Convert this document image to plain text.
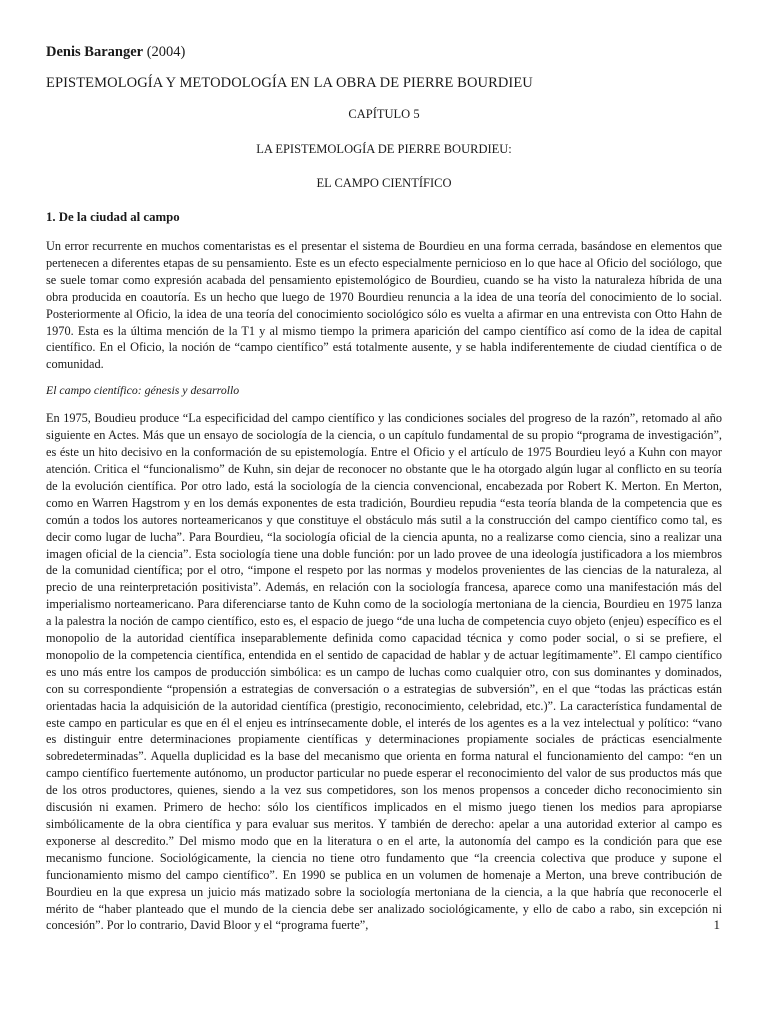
Denis Baranger (2004)
EPISTEMOLOGÍA Y METODOLOGÍA EN LA OBRA DE PIERRE BOURDIEU
CAPÍTULO 5
LA EPISTEMOLOGÍA DE PIERRE BOURDIEU:
EL CAMPO CIENTÍFICO
1. De la ciudad al campo

Un error recurrente en muchos comentaristas es el presentar el sistema de Bourdieu en una forma cerrada, basándose en elementos que pertenecen a diferentes etapas de su pensamiento. Este es un efecto especialmente pernicioso en lo que hace al Oficio del sociólogo, que se suele tomar como expresión acabada del pensamiento epistemológico de Bourdieu, cuando se ha visto la naturaleza híbrida de una obra producida en coautoría. Es un hecho que luego de 1970 Bourdieu renuncia a la idea de una teoría del conocimiento de lo social. Posteriormente al Oficio, la idea de una teoría del conocimiento sociológico sólo es vuelta a afirmar en una entrevista con Otto Hahn de 1970. Esta es la última mención de la T1 y al mismo tiempo la primera aparición del campo científico así como de la idea de capital científico. En el Oficio, la noción de “campo científico” está totalmente ausente, y se habla indiferentemente de ciudad científica o de comunidad.

El campo científico: génesis y desarrollo

En 1975, Boudieu produce “La especificidad del campo científico y las condiciones sociales del progreso de la razón”, retomado al año siguiente en Actes. Más que un ensayo de sociología de la ciencia, o un capítulo fundamental de su propio “programa de investigación”, es éste un hito decisivo en la conformación de su epistemología. Entre el Oficio y el artículo de 1975 Bourdieu leyó a Kuhn con mayor atención. Critica el “funcionalismo” de Kuhn, sin dejar de reconocer no obstante que le ha otorgado algún lugar al conflicto en su teoría de la evolución científica. Por otro lado, está la sociología de la ciencia convencional, encabezada por Robert K. Merton. En Merton, como en Warren Hagstrom y en los demás exponentes de esta tradición, Bourdieu repudia “esta teoría blanda de la competencia que es común a todos los autores norteamericanos y que constituye el obstáculo más sutil a la construcción del campo científico como tal, es decir como lugar de lucha”. Para Bourdieu, “la sociología oficial de la ciencia apunta, no a realizarse como ciencia, sino a realizar una imagen oficial de la ciencia”. Esta sociología tiene una doble función: por un lado provee de una ideología justificadora a los miembros de la comunidad científica; por el otro, “impone el respeto por las normas y modelos provenientes de las ciencias de la naturaleza, al precio de una reinterpretación positivista”. Además, en relación con la sociología francesa, aparece como una manifestación más del imperialismo norteamericano. Para diferenciarse tanto de Kuhn como de la sociología mertoniana de la ciencia, Bourdieu en 1975 lanza a la palestra la noción de campo científico, esto es, el espacio de juego “de una lucha de competencia cuyo objeto (enjeu) específico es el monopolio de la autoridad científica inseparablemente definida como capacidad técnica y como poder social, o si se prefiere, el monopolio de la competencia científica, entendida en el sentido de capacidad de hablar y de actuar legítimamente”. El campo científico es uno más entre los campos de producción simbólica: es un campo de luchas como cualquier otro, con sus dominantes y dominados, con su correspondiente “propensión a estrategias de conversación o a estrategias de subversión”, en el que “todas las prácticas están orientadas hacia la adquisición de la autoridad científica (prestigio, reconocimiento, celebridad, etc.)”. La característica fundamental de este campo en particular es que en él el enjeu es intrínsecamente doble, el interés de los agentes es a la vez intelectual y político: “vano es distinguir entre determinaciones propiamente científicas y determinaciones propiamente sociales de prácticas esencialmente sobredeterminadas”. Aquella duplicidad es la base del mecanismo que orienta en forma natural el funcionamiento del campo: “en un campo científico fuertemente autónomo, un productor particular no puede esperar el reconocimiento del valor de sus productos más que de los otros productores, quienes, siendo a la vez sus competidores, son los menos propensos a conceder dicho reconocimiento sin discusión ni examen. Primero de hecho: sólo los científicos implicados en el mismo juego tienen los medios para apropiarse simbólicamente de la obra científica y para evaluar sus meritos. Y también de derecho: apelar a una autoridad exterior al campo es exponerse al descredito.” Del mismo modo que en la literatura o en el arte, la autonomía del campo es la condición para que ese mecanismo funcione. Sociológicamente, la ciencia no tiene otro fundamento que “la creencia colectiva que produce y supone el funcionamiento mismo del campo científico”. En 1990 se publica en un volumen de homenaje a Merton, una breve contribución de Bourdieu en la que expresa un juicio más matizado sobre la sociología mertoniana de la ciencia, a la que habría que reconocerle el mérito de “haber planteado que el mundo de la ciencia debe ser analizado sociológicamente, y ello de cabo a rabo, sin excepción ni concesión”. Por lo contrario, David Bloor y el “programa fuerte”,	1
